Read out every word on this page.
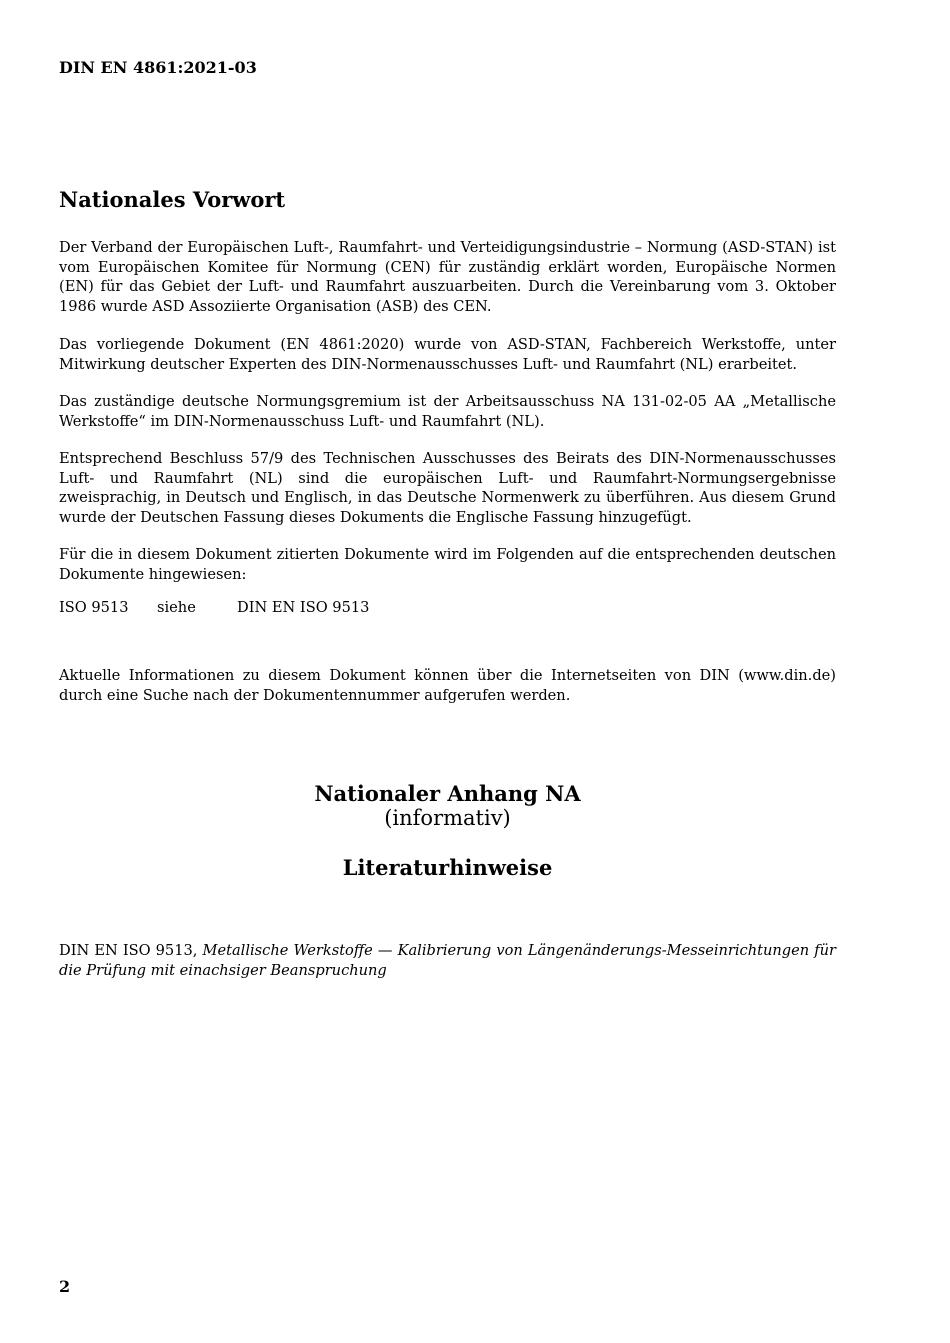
DIN EN 4861:2021-03
Nationales Vorwort
Der Verband der Europäischen Luft-, Raumfahrt- und Verteidigungsindustrie – Normung (ASD-STAN) ist vom Europäischen Komitee für Normung (CEN) für zuständig erklärt worden, Europäische Normen (EN) für das Gebiet der Luft- und Raumfahrt auszuarbeiten. Durch die Vereinbarung vom 3. Oktober 1986 wurde ASD Assoziierte Organisation (ASB) des CEN.
Das vorliegende Dokument (EN 4861:2020) wurde von ASD-STAN, Fachbereich Werkstoffe, unter Mitwirkung deutscher Experten des DIN-Normenausschusses Luft- und Raumfahrt (NL) erarbeitet.
Das zuständige deutsche Normungsgremium ist der Arbeitsausschuss NA 131-02-05 AA „Metallische Werkstoffe“ im DIN-Normenausschuss Luft- und Raumfahrt (NL).
Entsprechend Beschluss 57/9 des Technischen Ausschusses des Beirats des DIN-Normenausschusses Luft- und Raumfahrt (NL) sind die europäischen Luft- und Raumfahrt-Normungsergebnisse zweisprachig, in Deutsch und Englisch, in das Deutsche Normenwerk zu überführen. Aus diesem Grund wurde der Deutschen Fassung dieses Dokuments die Englische Fassung hinzugefügt.
Für die in diesem Dokument zitierten Dokumente wird im Folgenden auf die entsprechenden deutschen Dokumente hingewiesen:
ISO 9513 siehe	DIN EN ISO 9513
Aktuelle Informationen zu diesem Dokument können über die Internetseiten von DIN (www.din.de) durch eine Suche nach der Dokumentennummer aufgerufen werden.
Nationaler Anhang NA
(informativ)
Literaturhinweise
DIN EN ISO 9513, Metallische Werkstoffe — Kalibrierung von Längenänderungs-Messeinrichtungen für die Prüfung mit einachsiger Beanspruchung
2
